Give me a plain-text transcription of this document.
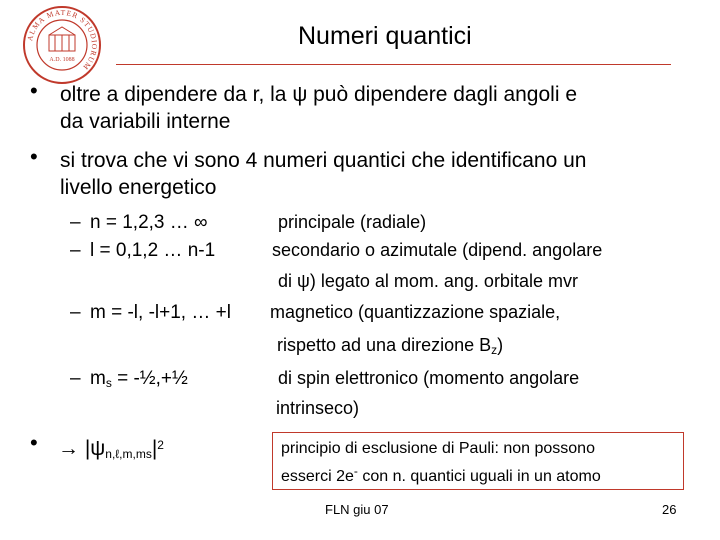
ALMA MATER STUDIORUM
A.D. 1088
Numeri quantici
• oltre a dipendere da r, la ψ può dipendere dagli angoli e
da variabili interne
• si trova che vi sono 4 numeri quantici che identificano un
livello energetico
– n = 1,2,3 … ∞	principale (radiale)
– l = 0,1,2 … n-1	secondario o azimutale (dipend. angolare
di ψ) legato al mom. ang. orbitale mvr
– m = -l, -l+1, … +l magnetico (quantizzazione spaziale,
rispetto ad una direzione $B_z$)
– $m_s$ = -½,+½	di spin elettronico (momento angolare
intrinseco)
• → $|\psi_{n,\ell,m,ms}|^2$	principio di esclusione di Pauli: non possono
esserci 2e- con n. quantici uguali in un atomo
FLN giu 07	26
